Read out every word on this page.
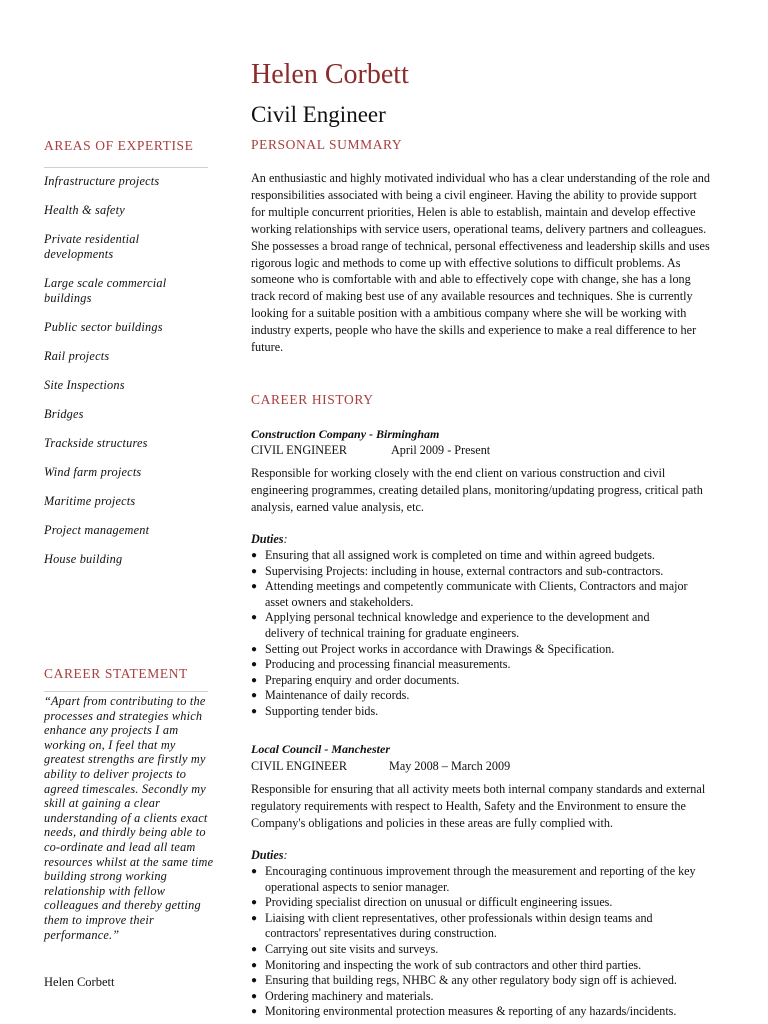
Helen Corbett
Civil Engineer
AREAS OF EXPERTISE
Infrastructure projects
Health & safety
Private residential developments
Large scale commercial buildings
Public sector buildings
Rail projects
Site Inspections
Bridges
Trackside structures
Wind farm projects
Maritime projects
Project management
House building
CAREER STATEMENT

“Apart from contributing to the processes and strategies which enhance any projects I am working on, I feel that my greatest strengths are firstly my ability to deliver projects to agreed timescales. Secondly my skill at gaining a clear understanding of a clients exact needs, and thirdly being able to co-ordinate and lead all team resources whilst at the same time building strong working relationship with fellow colleagues and thereby getting them to improve their performance.”

Helen Corbett
PERSONAL SUMMARY

An enthusiastic and highly motivated individual who has a clear understanding of the role and responsibilities associated with being a civil engineer. Having the ability to provide support for multiple concurrent priorities, Helen is able to establish, maintain and develop effective working relationships with service users, operational teams, delivery partners and colleagues. She possesses a broad range of technical, personal effectiveness and leadership skills and uses rigorous logic and methods to come up with effective solutions to difficult problems. As someone who is comfortable with and able to effectively cope with change, she has a long track record of making best use of any available resources and techniques. She is currently looking for a suitable position with a ambitious company where she will be working with industry experts, people who have the skills and experience to make a real difference to her future.

CAREER HISTORY
Construction Company - Birmingham
CIVIL ENGINEER	April 2009 - Present

Responsible for working closely with the end client on various construction and civil engineering programmes, creating detailed plans, monitoring/updating progress, critical path analysis, earned value analysis, etc.

Duties:
● Ensuring that all assigned work is completed on time and within agreed budgets.
● Supervising Projects: including in house, external contractors and sub-contractors.
● Attending meetings and competently communicate with Clients, Contractors and major asset owners and stakeholders.
● Applying personal technical knowledge and experience to the development and delivery of technical training for graduate engineers.
● Setting out Project works in accordance with Drawings & Specification.
● Producing and processing financial measurements.
● Preparing enquiry and order documents.
● Maintenance of daily records.
● Supporting tender bids.
Local Council - Manchester
CIVIL ENGINEER	May 2008 – March 2009

Responsible for ensuring that all activity meets both internal company standards and external regulatory requirements with respect to Health, Safety and the Environment to ensure the Company's obligations and policies in these areas are fully complied with.

Duties:
● Encouraging continuous improvement through the measurement and reporting of the key operational aspects to senior manager.
● Providing specialist direction on unusual or difficult engineering issues.
● Liaising with client representatives, other professionals within design teams and contractors' representatives during construction.
● Carrying out site visits and surveys.
● Monitoring and inspecting the work of sub contractors and other third parties.
● Ensuring that building regs, NHBC & any other regulatory body sign off is achieved.
● Ordering machinery and materials.
● Monitoring environmental protection measures & reporting of any hazards/incidents.
